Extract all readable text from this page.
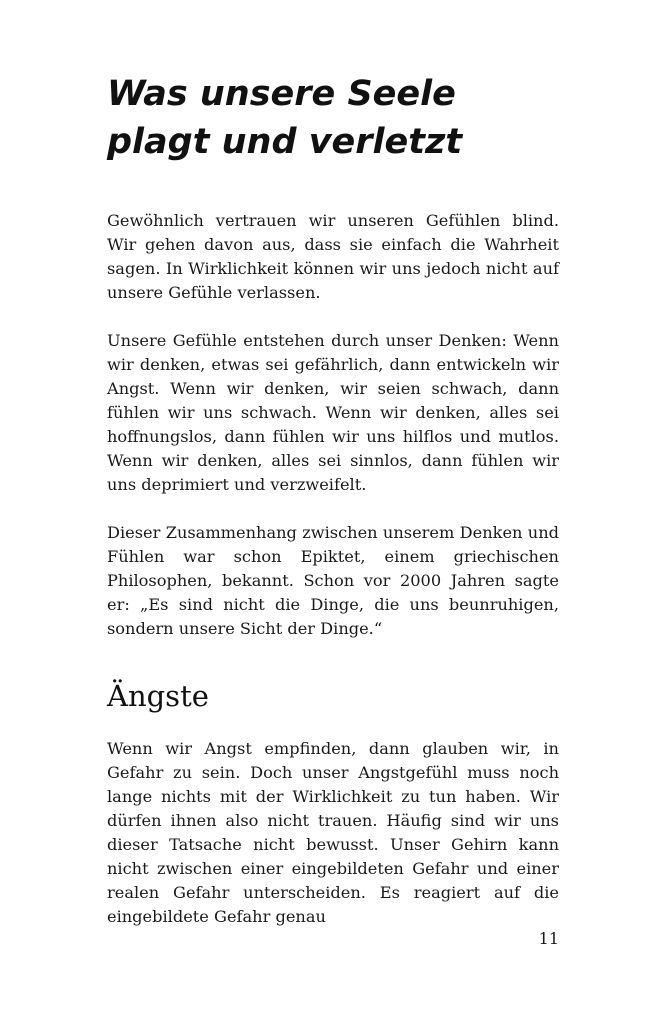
Was unsere Seele plagt und verletzt

Gewöhnlich vertrauen wir unseren Gefühlen blind. Wir gehen davon aus, dass sie einfach die Wahrheit sagen. In Wirklichkeit können wir uns jedoch nicht auf unsere Gefühle verlassen.

Unsere Gefühle entstehen durch unser Denken: Wenn wir denken, etwas sei gefährlich, dann entwickeln wir Angst. Wenn wir denken, wir seien schwach, dann fühlen wir uns schwach. Wenn wir denken, alles sei hoffnungslos, dann fühlen wir uns hilflos und mutlos. Wenn wir denken, alles sei sinnlos, dann fühlen wir uns deprimiert und verzweifelt.

Dieser Zusammenhang zwischen unserem Denken und Fühlen war schon Epiktet, einem griechischen Philosophen, bekannt. Schon vor 2000 Jahren sagte er: „Es sind nicht die Dinge, die uns beunruhigen, sondern unsere Sicht der Dinge.“

Ängste

Wenn wir Angst empfinden, dann glauben wir, in Gefahr zu sein. Doch unser Angstgefühl muss noch lange nichts mit der Wirklichkeit zu tun haben. Wir dürfen ihnen also nicht trauen. Häufig sind wir uns dieser Tatsache nicht bewusst. Unser Gehirn kann nicht zwischen einer eingebildeten Gefahr und einer realen Gefahr unterscheiden. Es reagiert auf die eingebildete Gefahr genau

11
